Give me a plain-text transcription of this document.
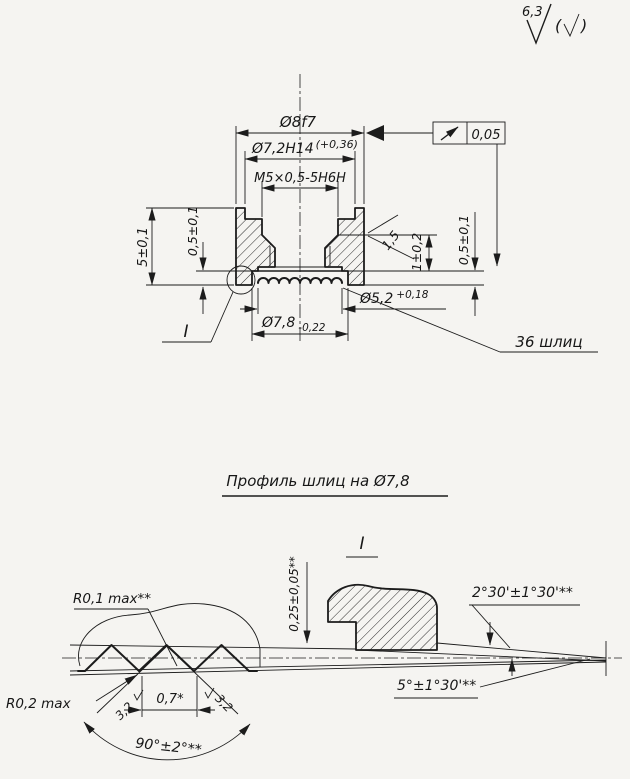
6,3
( )
Ø8f7
0,05
Ø7,2H14 $^{(+0,36)}$
M5×0,5-5H6H
5±0,1	0,5±0,1	1±0,2	0,5±0,1
1,5
Ø5,2 $^{+0,18}$
Ø7,8 $_{-0,22}$
36 шлиц
I
Профиль шлиц на Ø7,8
I
0,25±0,05**
R0,1 max**
R0,2 max	0,7*
90°±2°**
3,2	3,2
2°30'±1°30'**
5°±1°30'**
